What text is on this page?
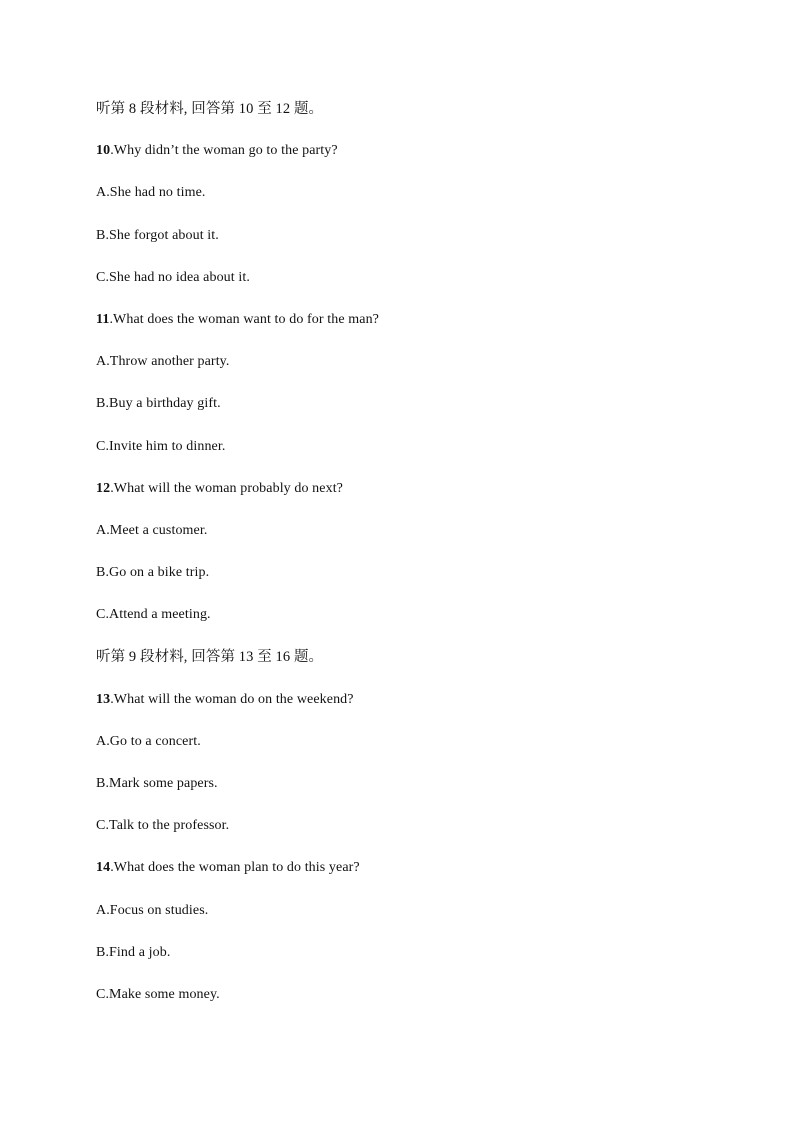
听第 8 段材料, 回答第 10 至 12 题。
10.Why didn’t the woman go to the party?
A.She had no time.
B.She forgot about it.
C.She had no idea about it.
11.What does the woman want to do for the man?
A.Throw another party.
B.Buy a birthday gift.
C.Invite him to dinner.
12.What will the woman probably do next?
A.Meet a customer.
B.Go on a bike trip.
C.Attend a meeting.
听第 9 段材料, 回答第 13 至 16 题。
13.What will the woman do on the weekend?
A.Go to a concert.
B.Mark some papers.
C.Talk to the professor.
14.What does the woman plan to do this year?
A.Focus on studies.
B.Find a job.
C.Make some money.
